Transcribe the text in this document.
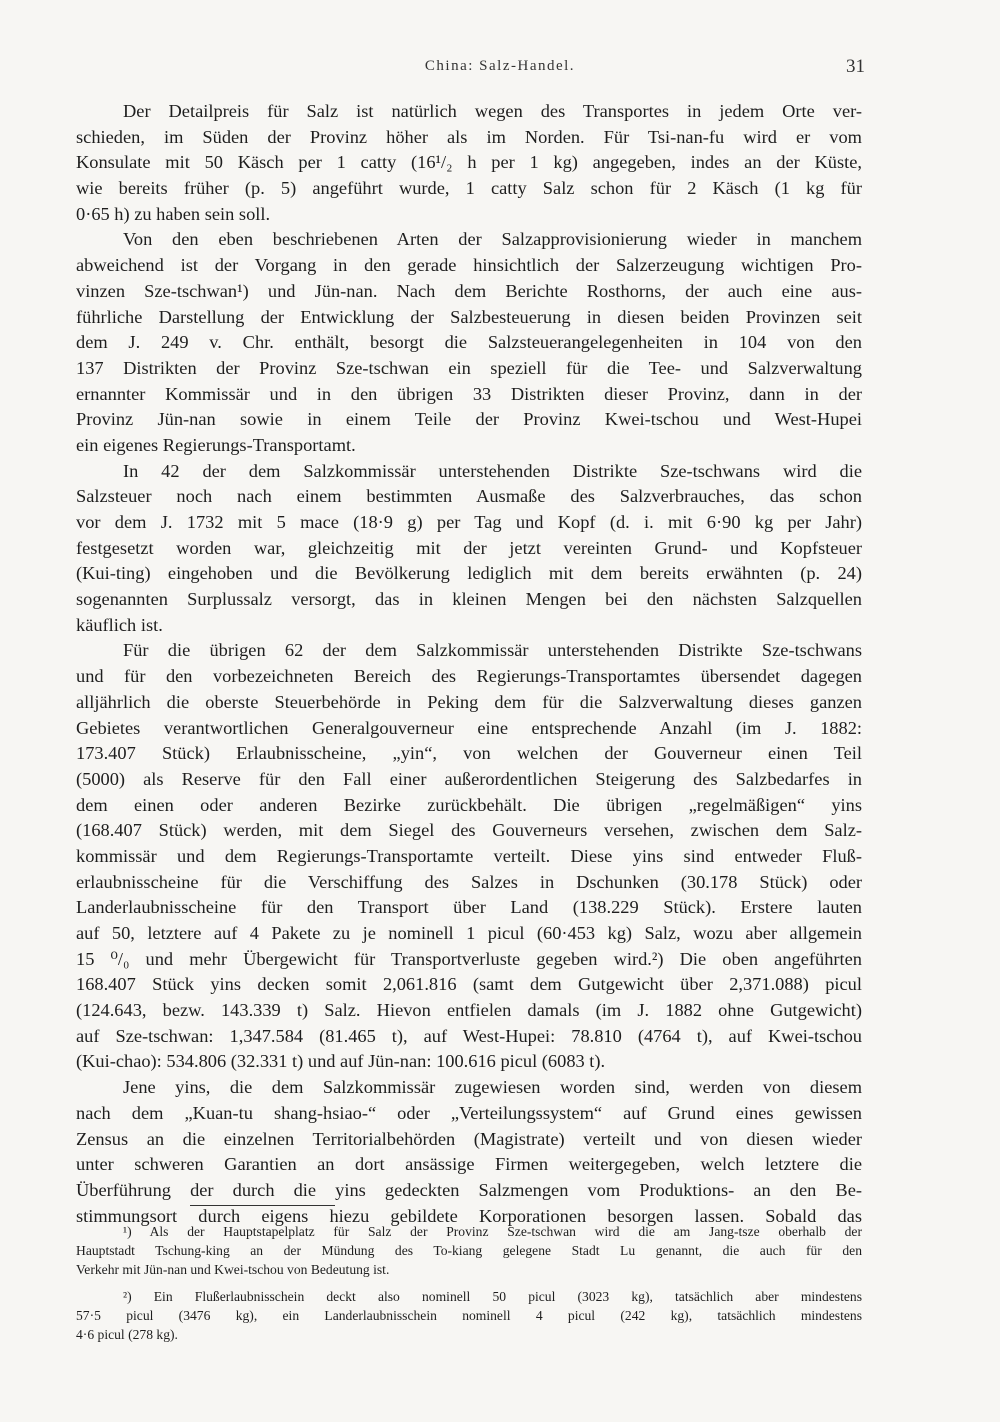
China: Salz-Handel.	31
Der Detailpreis für Salz ist natürlich wegen des Transportes in jedem Orte ver-
schieden, im Süden der Provinz höher als im Norden. Für Tsi-nan-fu wird er vom
Konsulate mit 50 Käsch per 1 catty (16¹/₂ h per 1 kg) angegeben, indes an der Küste,
wie bereits früher (p. 5) angeführt wurde, 1 catty Salz schon für 2 Käsch (1 kg für
0·65 h) zu haben sein soll.
Von den eben beschriebenen Arten der Salzapprovisionierung wieder in manchem
abweichend ist der Vorgang in den gerade hinsichtlich der Salzerzeugung wichtigen Pro-
vinzen Sze-tschwan¹) und Jün-nan. Nach dem Berichte Rosthorns, der auch eine aus-
führliche Darstellung der Entwicklung der Salzbesteuerung in diesen beiden Provinzen seit
dem J. 249 v. Chr. enthält, besorgt die Salzsteuerangelegenheiten in 104 von den
137 Distrikten der Provinz Sze-tschwan ein speziell für die Tee- und Salzverwaltung
ernannter Kommissär und in den übrigen 33 Distrikten dieser Provinz, dann in der
Provinz Jün-nan sowie in einem Teile der Provinz Kwei-tschou und West-Hupei
ein eigenes Regierungs-Transportamt.
In 42 der dem Salzkommissär unterstehenden Distrikte Sze-tschwans wird die
Salzsteuer noch nach einem bestimmten Ausmaße des Salzverbrauches, das schon
vor dem J. 1732 mit 5 mace (18·9 g) per Tag und Kopf (d. i. mit 6·90 kg per Jahr)
festgesetzt worden war, gleichzeitig mit der jetzt vereinten Grund- und Kopfsteuer
(Kui-ting) eingehoben und die Bevölkerung lediglich mit dem bereits erwähnten (p. 24)
sogenannten Surplussalz versorgt, das in kleinen Mengen bei den nächsten Salzquellen
käuflich ist.
Für die übrigen 62 der dem Salzkommissär unterstehenden Distrikte Sze-tschwans
und für den vorbezeichneten Bereich des Regierungs-Transportamtes übersendet dagegen
alljährlich die oberste Steuerbehörde in Peking dem für die Salzverwaltung dieses ganzen
Gebietes verantwortlichen Generalgouverneur eine entsprechende Anzahl (im J. 1882:
173.407 Stück) Erlaubnisscheine, „yin“, von welchen der Gouverneur einen Teil
(5000) als Reserve für den Fall einer außerordentlichen Steigerung des Salzbedarfes in
dem einen oder anderen Bezirke zurückbehält. Die übrigen „regelmäßigen“ yins
(168.407 Stück) werden, mit dem Siegel des Gouverneurs versehen, zwischen dem Salz-
kommissär und dem Regierungs-Transportamte verteilt. Diese yins sind entweder Fluß-
erlaubnisscheine für die Verschiffung des Salzes in Dschunken (30.178 Stück) oder
Landerlaubnisscheine für den Transport über Land (138.229 Stück). Erstere lauten
auf 50, letztere auf 4 Pakete zu je nominell 1 picul (60·453 kg) Salz, wozu aber allgemein
15 ⁰/₀ und mehr Übergewicht für Transportverluste gegeben wird.²) Die oben angeführten
168.407 Stück yins decken somit 2,061.816 (samt dem Gutgewicht über 2,371.088) picul
(124.643, bezw. 143.339 t) Salz. Hievon entfielen damals (im J. 1882 ohne Gutgewicht)
auf Sze-tschwan: 1,347.584 (81.465 t), auf West-Hupei: 78.810 (4764 t), auf Kwei-tschou
(Kui-chao): 534.806 (32.331 t) und auf Jün-nan: 100.616 picul (6083 t).
Jene yins, die dem Salzkommissär zugewiesen worden sind, werden von diesem
nach dem „Kuan-tu shang-hsiao-“ oder „Verteilungssystem“ auf Grund eines gewissen
Zensus an die einzelnen Territorialbehörden (Magistrate) verteilt und von diesen wieder
unter schweren Garantien an dort ansässige Firmen weitergegeben, welch letztere die
Überführung der durch die yins gedeckten Salzmengen vom Produktions- an den Be-
stimmungsort durch eigens hiezu gebildete Korporationen besorgen lassen. Sobald das
¹) Als der Hauptstapelplatz für Salz der Provinz Sze-tschwan wird die am Jang-tsze oberhalb der
Hauptstadt Tschung-king an der Mündung des To-kiang gelegene Stadt Lu genannt, die auch für den
Verkehr mit Jün-nan und Kwei-tschou von Bedeutung ist.
²) Ein Flußerlaubnisschein deckt also nominell 50 picul (3023 kg), tatsächlich aber mindestens
57·5 picul (3476 kg), ein Landerlaubnisschein nominell 4 picul (242 kg), tatsächlich mindestens
4·6 picul (278 kg).
